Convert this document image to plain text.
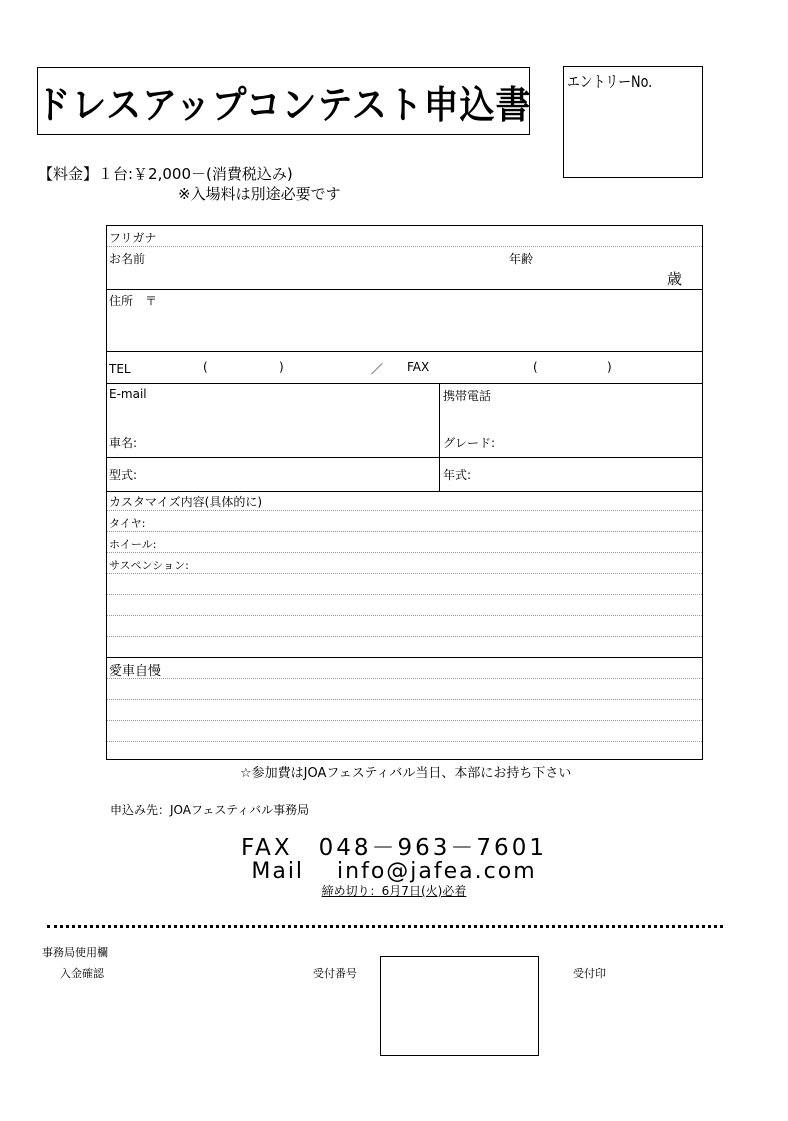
ドレスアップコンテスト申込書
エントリーNo.
【料金】１台:￥2,000－(消費税込み)
※入場料は別途必要です
フリガナ
お名前	年齢
歳
住所　〒
TEL	(	)	／ FAX	(	)
E-mail	携帯電話
車名:	グレード:
型式:	年式:
カスタマイズ内容(具体的に)
タイヤ:
ホイール:
サスペンション:
愛車自慢
☆参加費はJOAフェスティバル当日、本部にお持ち下さい
申込み先：JOAフェスティバル事務局
FAX　048－963－7601
Mail　 info@jafea.com
締め切り：6月7日(火)必着
事務局使用欄
入金確認	受付番号	受付印
